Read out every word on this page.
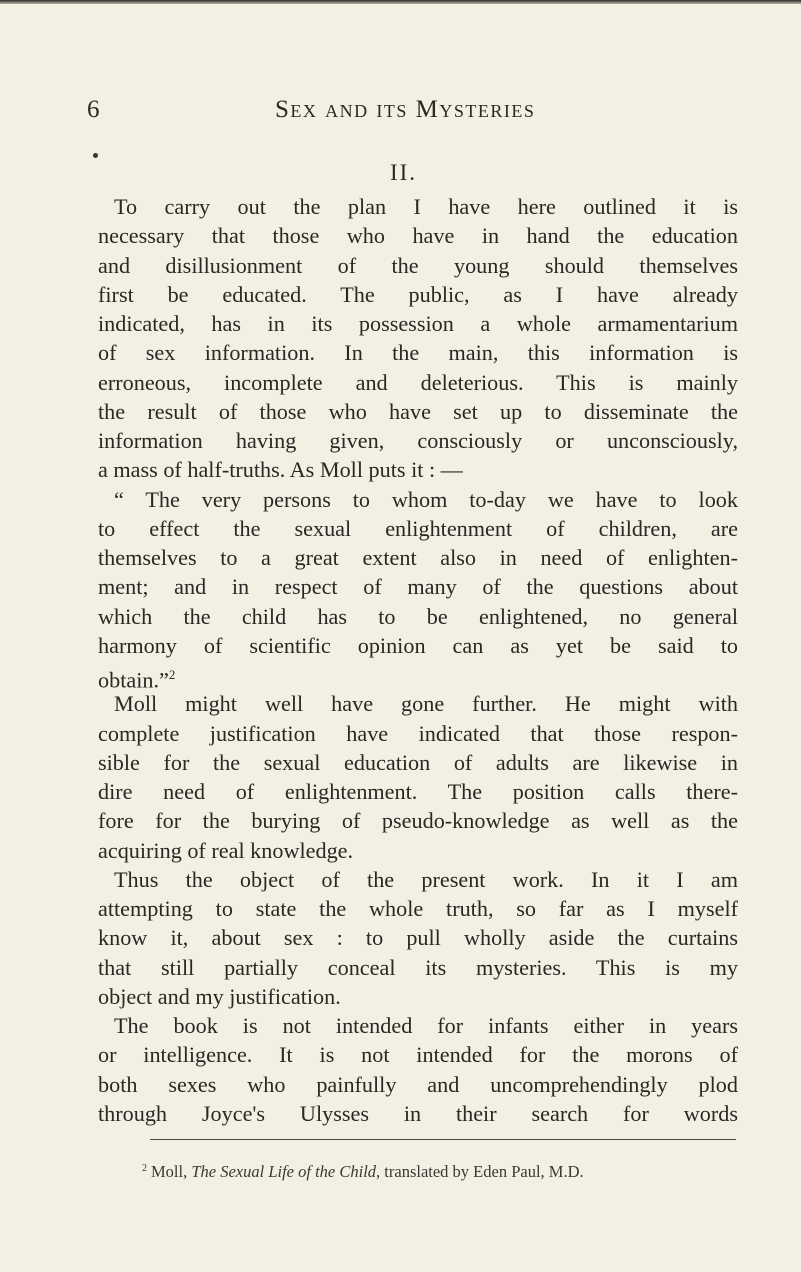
6	Sex and its Mysteries
II.
To carry out the plan I have here outlined it is
necessary that those who have in hand the education
and disillusionment of the young should themselves
first be educated. The public, as I have already
indicated, has in its possession a whole armamentarium
of sex information. In the main, this information is
erroneous, incomplete and deleterious. This is mainly
the result of those who have set up to disseminate the
information having given, consciously or unconsciously,
a mass of half-truths. As Moll puts it : —
“ The very persons to whom to-day we have to look
to effect the sexual enlightenment of children, are
themselves to a great extent also in need of enlighten-
ment; and in respect of many of the questions about
which the child has to be enlightened, no general
harmony of scientific opinion can as yet be said to
obtain.”$^2$
Moll might well have gone further. He might with
complete justification have indicated that those respon-
sible for the sexual education of adults are likewise in
dire need of enlightenment. The position calls there-
fore for the burying of pseudo-knowledge as well as the
acquiring of real knowledge.
Thus the object of the present work. In it I am
attempting to state the whole truth, so far as I myself
know it, about sex : to pull wholly aside the curtains
that still partially conceal its mysteries. This is my
object and my justification.
The book is not intended for infants either in years
or intelligence. It is not intended for the morons of
both sexes who painfully and uncomprehendingly plod
through Joyce's Ulysses in their search for words
$^2$ Moll, The Sexual Life of the Child, translated by Eden Paul, M.D.
